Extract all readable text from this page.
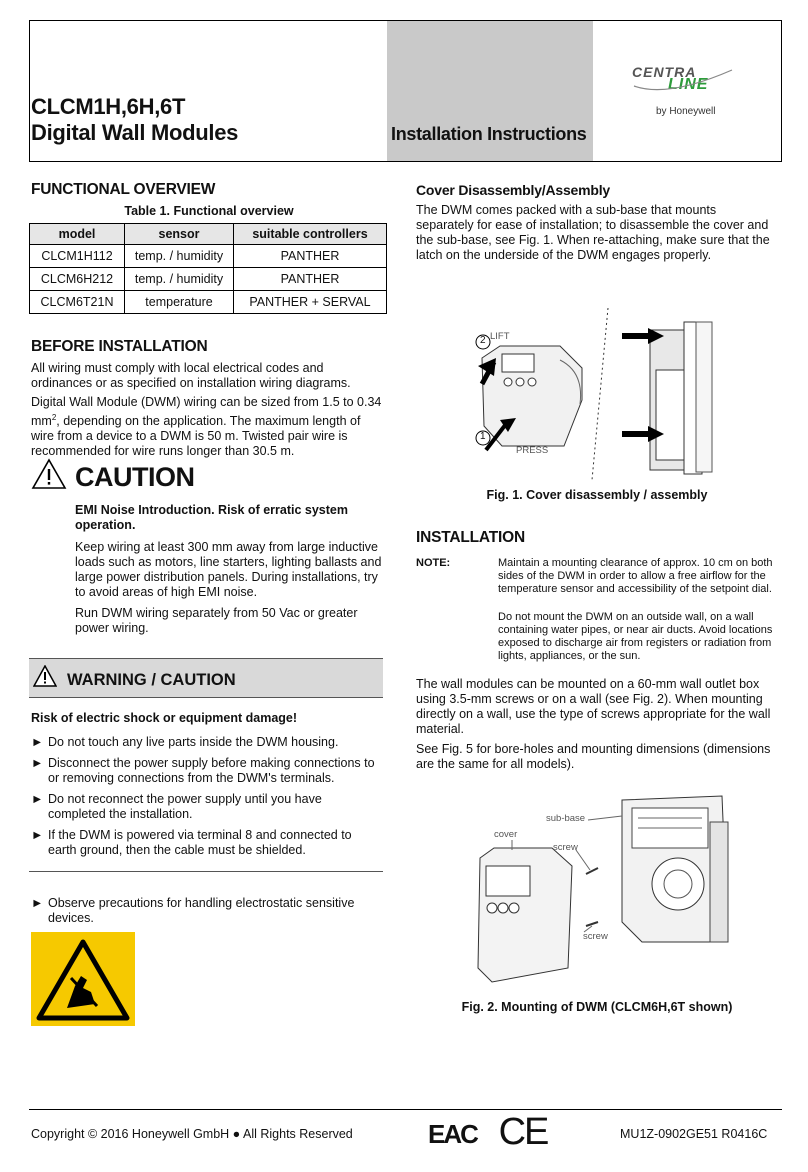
CLCM1H,6H,6T
Digital Wall Modules	Installation Instructions
CENTRA
LINE
by Honeywell
FUNCTIONAL OVERVIEW
Table 1. Functional overview
model	sensor	suitable controllers
CLCM1H112	temp. / humidity	PANTHER
CLCM6H212	temp. / humidity	PANTHER
CLCM6T21N	temperature	PANTHER + SERVAL
BEFORE INSTALLATION

All wiring must comply with local electrical codes and ordinances or as specified on installation wiring diagrams.

Digital Wall Module (DWM) wiring can be sized from 1.5 to 0.34 $mm^2$, depending on the application. The maximum length of wire from a device to a DWM is 50 m. Twisted pair wire is recommended for wire runs longer than 30.5 m.

CAUTION

EMI Noise Introduction. Risk of erratic system operation.

Keep wiring at least 300 mm away from large inductive loads such as motors, line starters, lighting ballasts and large power distribution panels. During installations, try to avoid areas of high EMI noise.

Run DWM wiring separately from 50 Vac or greater power wiring.

WARNING / CAUTION

Risk of electric shock or equipment damage!

► Do not touch any live parts inside the DWM housing.
► Disconnect the power supply before making connections to or removing connections from the DWM's terminals.
► Do not reconnect the power supply until you have completed the installation.
► If the DWM is powered via terminal 8 and connected to earth ground, then the cable must be shielded.
► Observe precautions for handling electrostatic sensitive devices.
Cover Disassembly/Assembly

The DWM comes packed with a sub-base that mounts separately for ease of installation; to disassemble the cover and the sub-base, see Fig. 1. When re-attaching, make sure that the latch on the underside of the DWM engages properly.

LIFT
PRESS
2
1
Fig. 1. Cover disassembly / assembly
INSTALLATION
NOTE:	Maintain a mounting clearance of approx. 10 cm on both sides of the DWM in order to allow a free airflow for the temperature sensor and accessibility of the setpoint dial.

Do not mount the DWM on an outside wall, on a wall containing water pipes, or near air ducts. Avoid locations exposed to discharge air from registers or radiation from lights, appliances, or the sun.

The wall modules can be mounted on a 60-mm wall outlet box using 3.5-mm screws or on a wall (see Fig. 2). When mounting directly on a wall, use the type of screws appropriate for the wall material.

See Fig. 5 for bore-holes and mounting dimensions (dimensions are the same for all models).

sub-base
cover
screw
screw
Fig. 2. Mounting of DWM (CLCM6H,6T shown)
Copyright © 2016 Honeywell GmbH ● All Rights Reserved	EAC CE	MU1Z-0902GE51 R0416C
